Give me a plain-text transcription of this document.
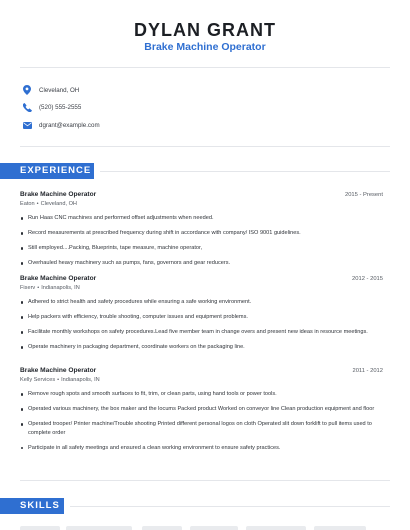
DYLAN GRANT
Brake Machine Operator
Cleveland, OH
(520) 555-2555
dgrant@example.com
EXPERIENCE
Brake Machine Operator	2015 - Present
Eaton • Cleveland, OH
Run Haas CNC machines and performed offset adjustments when needed.
Record measurements at prescribed frequency during shift in accordance with company/ ISO 9001 guidelines.
Still employed....Packing, Blueprints, tape measure, machine operator,
Overhauled heavy machinery such as pumps, fans, governors and gear reducers.
Brake Machine Operator	2012 - 2015
Fiserv • Indianapolis, IN
Adhered to strict health and safety procedures while ensuring a safe working environment.
Help packers with efficiency, trouble shooting, computer issues and equipment problems.
Facilitate monthly workshops on safety procedures.Lead five member team in change overs and present new ideas in resource meetings.
Operate machinery in packaging department, coordinate workers on the packaging line.
Brake Machine Operator	2011 - 2012
Kelly Services • Indianapolis, IN
Remove rough spots and smooth surfaces to fit, trim, or clean parts, using hand tools or power tools.
Operated various machinery, the box maker and the locums Packed product Worked on conveyor line Clean production equipment and floor
Operated trooper/ Printer machine/Trouble shooting Printed different personal logos on cloth Operated slit down forklift to pull items used to complete order
Participate in all safety meetings and ensured a clean working environment to ensure safety practices.
SKILLS
